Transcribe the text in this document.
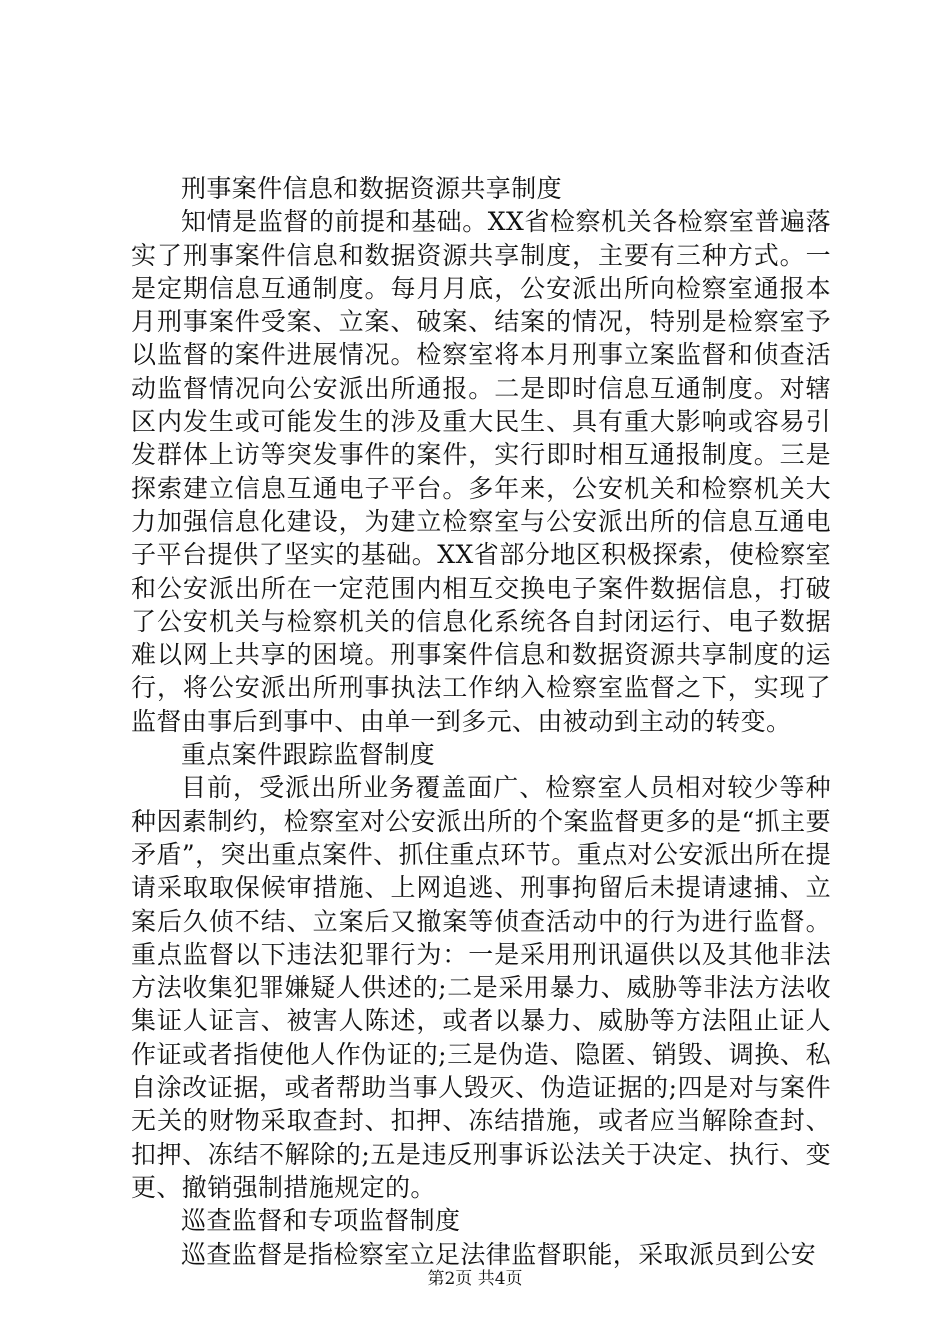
刑事案件信息和数据资源共享制度

知情是监督的前提和基础。XX省检察机关各检察室普遍落实了刑事案件信息和数据资源共享制度，主要有三种方式。一是定期信息互通制度。每月月底，公安派出所向检察室通报本月刑事案件受案、立案、破案、结案的情况，特别是检察室予以监督的案件进展情况。检察室将本月刑事立案监督和侦查活动监督情况向公安派出所通报。二是即时信息互通制度。对辖区内发生或可能发生的涉及重大民生、具有重大影响或容易引发群体上访等突发事件的案件，实行即时相互通报制度。三是探索建立信息互通电子平台。多年来，公安机关和检察机关大力加强信息化建设，为建立检察室与公安派出所的信息互通电子平台提供了坚实的基础。XX省部分地区积极探索，使检察室和公安派出所在一定范围内相互交换电子案件数据信息，打破了公安机关与检察机关的信息化系统各自封闭运行、电子数据难以网上共享的困境。刑事案件信息和数据资源共享制度的运行，将公安派出所刑事执法工作纳入检察室监督之下，实现了监督由事后到事中、由单一到多元、由被动到主动的转变。

重点案件跟踪监督制度

目前，受派出所业务覆盖面广、检察室人员相对较少等种种因素制约，检察室对公安派出所的个案监督更多的是“抓主要矛盾”，突出重点案件、抓住重点环节。重点对公安派出所在提请采取取保候审措施、上网追逃、刑事拘留后未提请逮捕、立案后久侦不结、立案后又撤案等侦查活动中的行为进行监督。重点监督以下违法犯罪行为：一是采用刑讯逼供以及其他非法方法收集犯罪嫌疑人供述的;二是采用暴力、威胁等非法方法收集证人证言、被害人陈述，或者以暴力、威胁等方法阻止证人作证或者指使他人作伪证的;三是伪造、隐匿、销毁、调换、私自涂改证据，或者帮助当事人毁灭、伪造证据的;四是对与案件无关的财物采取查封、扣押、冻结措施，或者应当解除查封、扣押、冻结不解除的;五是违反刑事诉讼法关于决定、执行、变更、撤销强制措施规定的。

巡查监督和专项监督制度

巡查监督是指检察室立足法律监督职能，采取派员到公安

第2页 共4页
